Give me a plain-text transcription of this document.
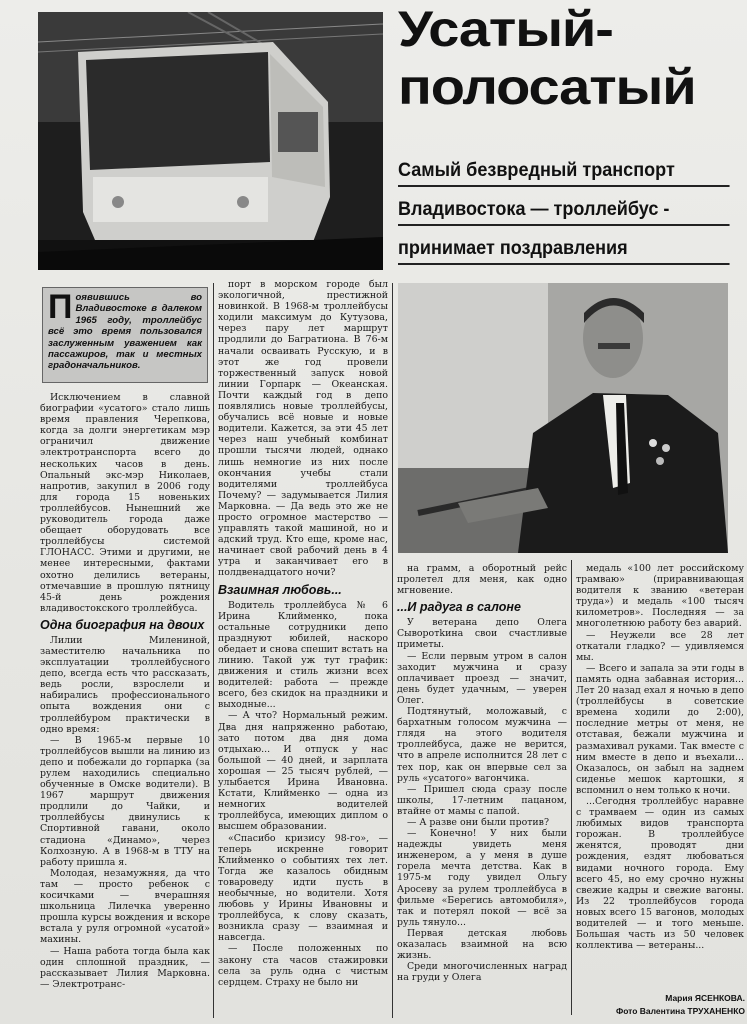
Усатый-
полосатый
Самый безвредный транспорт
Владивостока — троллейбус -
принимает поздравления
Появившись во Владивостоке в далеком 1965 году, троллейбус всё это время пользовался заслуженным уважением как пассажиров, так и местных градоначальников.

Исключением в славной биографии «усатого» стало лишь время правления Черепкова, когда за долги энергетикам мэр ограничил движение электротранспорта всего до нескольких часов в день. Опальный экс-мэр Николаев, напротив, закупил в 2006 году для города 15 новеньких троллейбусов. Нынешний же руководитель города даже обещает оборудовать все троллейбусы системой ГЛОНАСС. Этими и другими, не менее интересными, фактами охотно делились ветераны, отмечавшие в прошлую пятницу 45-й день рождения владивостокского троллейбуса.

Одна биография на двоих

Лилии Милениной, заместителю начальника по эксплуатации троллейбусного депо, всегда есть что рассказать, ведь росли, взрослели и набирались профессионального опыта вождения они с троллейбуром практически в одно время:

— В 1965-м первые 10 троллейбусов вышли на линию из депо и побежали до горпарка (за рулем находились специально обученные в Омске водители). В 1967 маршрут движения продлили до Чайки, и троллейбусы двинулись к Спортивной гавани, около стадиона «Динамо», через Колхозную. А в 1968-м в ТТУ на работу пришла я.

Молодая, незамужняя, да что там — просто ребенок с косичками — вчерашняя школьница Лилечка уверенно прошла курсы вождения и вскоре встала у руля огромной «усатой» махины.

— Наша работа тогда была как один сплошной праздник, — рассказывает Лилия Марковна. — Электротранс-

порт в морском городе был экологичной, престижной новинкой. В 1968-м троллейбусы ходили максимум до Кутузова, через пару лет маршрут продлили до Багратиона. В 76-м начали осваивать Русскую, и в этот же год провели торжественный запуск новой линии Горпарк — Океанская. Почти каждый год в депо появлялись новые троллейбусы, обучались всё новые и новые водители. Кажется, за эти 45 лет через наш учебный комбинат прошли тысячи людей, однако лишь немногие из них после окончания учебы стали водителями троллейбуса Почему? — задумывается Лилия Марковна. — Да ведь это же не просто огромное мастерство — управлять такой машиной, но и адский труд. Кто еще, кроме нас, начинает свой рабочий день в 4 утра и заканчивает его в полдвенадцатого ночи?

Взаимная любовь...

Водитель троллейбуса № 6 Ирина Клийменко, пока остальные сотрудники депо празднуют юбилей, наскоро обедает и снова спешит встать на линию. Такой уж тут график: движения и стиль жизни всех водителей: работа — прежде всего, без скидок на праздники и выходные...

— А что? Нормальный режим. Два дня напряженно работаю, зато потом два дня дома отдыхаю... И отпуск у нас большой — 40 дней, и зарплата хорошая — 25 тысяч рублей, — улыбается Ирина Ивановна. Кстати, Клийменко — одна из немногих водителей троллейбуса, имеющих диплом о высшем образовании.

«Спасибо кризису 98-го», — теперь искренне говорит Клийменко о событиях тех лет. Тогда же казалось обидным товароведу идти пусть в необычные, но водители. Хотя любовь у Ирины Ивановны и троллейбуса, к слову сказать, возникла сразу — взаимная и навсегда.

— После положенных по закону ста часов стажировки села за руль одна с чистым сердцем. Страху не было ни

на грамм, а оборотный рейс пролетел для меня, как одно мгновение.

...И радуга в салоне

У ветерана депо Олега Сыворотkина свои счастливые приметы.

— Если первым утром в салон заходит мужчина и сразу оплачивает проезд — значит, день будет удачным, — уверен Олег.

Подтянутый, моложавый, с бархатным голосом мужчина — глядя на этого водителя троллейбуса, даже не верится, что в апреле исполнится 28 лет с тех пор, как он впервые сел за руль «усатого» вагончика.

— Пришел сюда сразу после школы, 17-летним пацаном, втайне от мамы с папой.

— А разве они были против?

— Конечно! У них были надежды увидеть меня инженером, а у меня в душе горела мечта детства. Как в 1975-м году увидел Ольгу Аросеву за рулем троллейбуса в фильме «Берегись автомобиля», так и потерял покой — всё за руль тянуло...

Первая детская любовь оказалась взаимной на всю жизнь.

Среди многочисленных наград на груди у Олега

медаль «100 лет российскому трамваю» (приравнивающая водителя к званию «ветеран труда») и медаль «100 тысяч километров». Последняя — за многолетнюю работу без аварий.

— Неужели все 28 лет откатали гладко? — удивляемся мы.

— Всего и запала за эти годы в память одна забавная история... Лет 20 назад ехал я ночью в депо (троллейбусы в советские времена ходили до 2:00), последние метры от меня, не отставая, бежали мужчина и размахивал руками. Так вместе с ним вместе в депо и въехали... Оказалось, он забыл на заднем сиденье мешок картошки, я вспомнил о нем только к ночи.

...Сегодня троллейбус наравне с трамваем — один из самых любимых видов транспорта горожан. В троллейбусе женятся, проводят дни рождения, ездят любоваться видами ночного города. Ему всего 45, но ему срочно нужны свежие кадры и свежие вагоны. Из 22 троллейбусов города новых всего 15 вагонов, молодых водителей — и того меньше. Большая часть из 50 человек коллектива — ветераны...

Мария ЯСЕНКОВА.
Фото Валентина ТРУХАНЕНКО
